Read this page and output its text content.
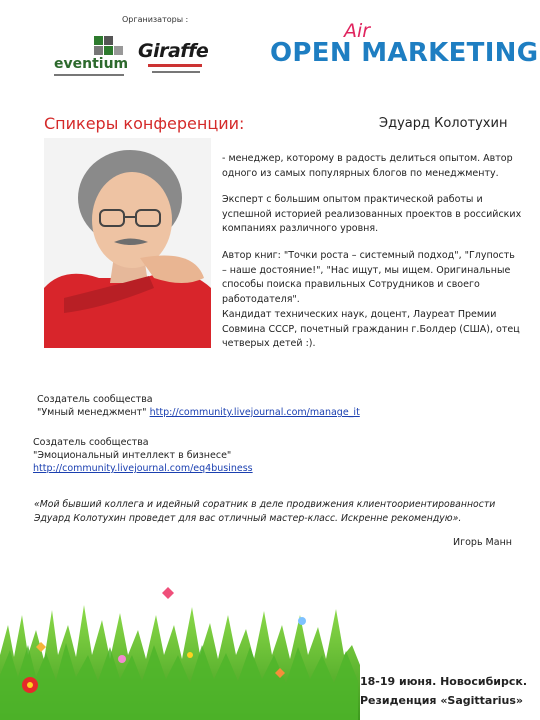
Организаторы :
eventium
Giraffe OPEN MARKETING
Air
Спикеры конференции:	Эдуард Колотухин

- менеджер, которому в радость делиться опытом. Автор одного из самых популярных блогов по менеджменту.

Эксперт с большим опытом практической работы и успешной историей реализованных проектов в российских компаниях различного уровня.

Автор книг: "Точки роста – системный подход", "Глупость – наше достояние!", "Нас ищут, мы ищем. Оригинальные способы поиска правильных Сотрудников и своего работодателя".

Кандидат технических наук, доцент, Лауреат Премии Совмина СССР, почетный гражданин г.Болдер (США), отец четверых детей :).

Создатель сообщества
"Умный менеджмент" http://community.livejournal.com/manage_it
Создатель сообщества
"Эмоциональный интеллект в бизнесе"
http://community.livejournal.com/eq4business
«Мой бывший коллега и идейный соратник в деле продвижения клиентоориентированности Эдуард Колотухин проведет для вас отличный мастер-класс. Искренне рекомендую».
Игорь Манн
18-19 июня. Новосибирск.
Резиденция «Sagittarius»
